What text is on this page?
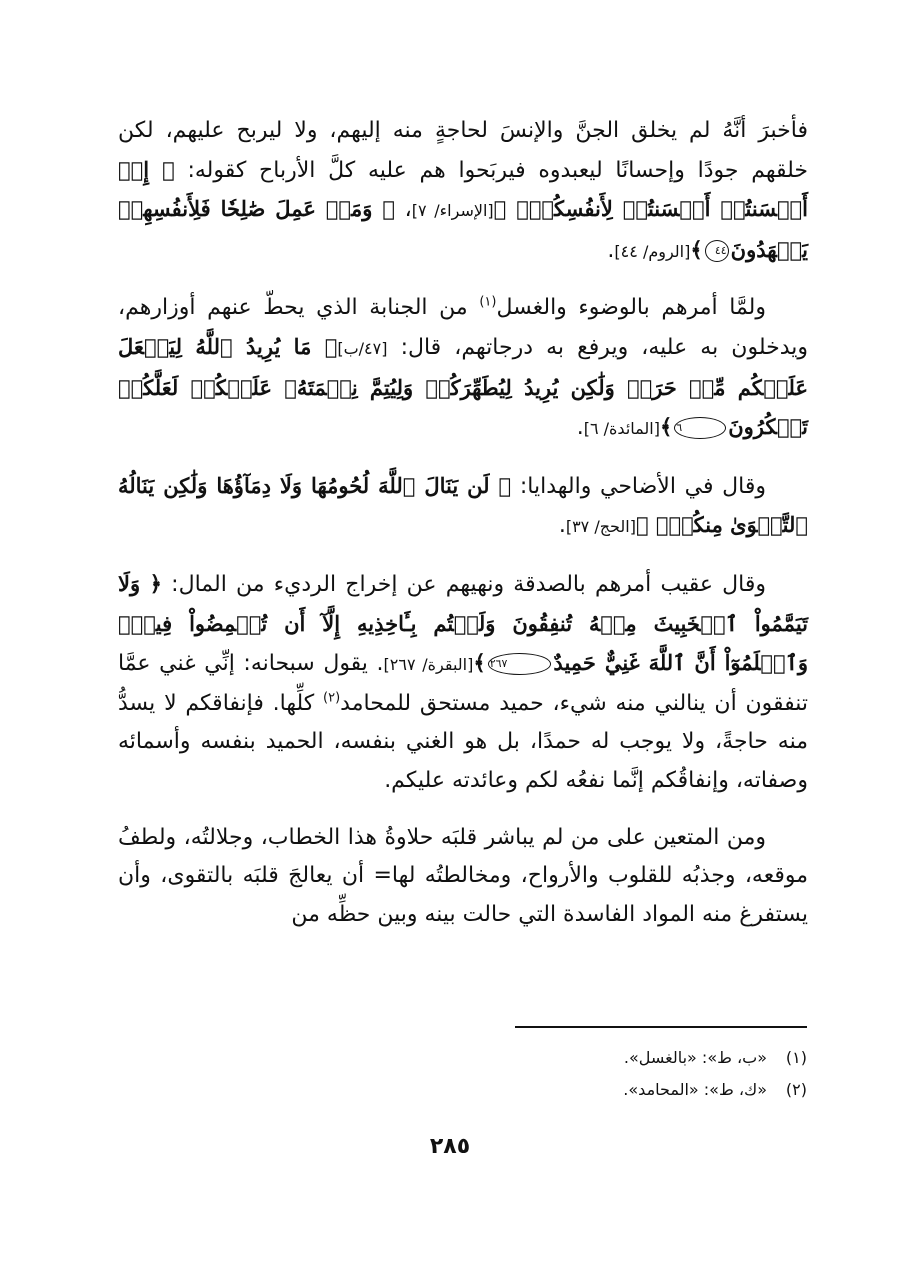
فأخبرَ أنَّهُ لم يخلق الجنَّ والإنسَ لحاجةٍ منه إليهم، ولا ليربح عليهم، لكن خلقهم جودًا وإحسانًا ليعبدوه فيربَحوا هم عليه كلَّ الأرباح كقوله: ﴿ إِنۡ أَحۡسَنتُمۡ أَحۡسَنتُمۡ لِأَنفُسِكُمۡۖ ﴾[الإسراء/ ٧]، ﴿ وَمَنۡ عَمِلَ صَٰلِحٗا فَلِأَنفُسِهِمۡ يَمۡهَدُونَ٤٤﴾[الروم/ ٤٤].

ولمَّا أمرهم بالوضوء والغسل$^{(١)}$ من الجنابة الذي يحطّ عنهم أوزارهم، ويدخلون به عليه، ويرفع به درجاتهم، قال: [٤٧/ب]﴿ مَا يُرِيدُ ٱللَّهُ لِيَجۡعَلَ عَلَيۡكُم مِّنۡ حَرَجٖ وَلَٰكِن يُرِيدُ لِيُطَهِّرَكُمۡ وَلِيُتِمَّ نِعۡمَتَهُۥ عَلَيۡكُمۡ لَعَلَّكُمۡ تَشۡكُرُونَ٦﴾[المائدة/ ٦].

وقال في الأضاحي والهدايا: ﴿ لَن يَنَالَ ٱللَّهَ لُحُومُهَا وَلَا دِمَآؤُهَا وَلَٰكِن يَنَالُهُ ٱلتَّقۡوَىٰ مِنكُمۡۚ ﴾[الحج/ ٣٧].

وقال عقيب أمرهم بالصدقة ونهيهم عن إخراج الرديء من المال: ﴿ وَلَا تَيَمَّمُواْ ٱلۡخَبِيثَ مِنۡهُ تُنفِقُونَ وَلَسۡتُم بِـَٔاخِذِيهِ إِلَّآ أَن تُغۡمِضُواْ فِيهِۚ وَٱعۡلَمُوٓاْ أَنَّ ٱللَّهَ غَنِيٌّ حَمِيدٌ٢٦٧﴾[البقرة/ ٢٦٧]. يقول سبحانه: إنِّي غني عمَّا تنفقون أن ينالني منه شيء، حميد مستحق للمحامد$^{(٢)}$ كلِّها. فإنفاقكم لا يسدُّ منه حاجةً، ولا يوجب له حمدًا، بل هو الغني بنفسه، الحميد بنفسه وأسمائه وصفاته، وإنفاقُكم إنَّما نفعُه لكم وعائدته عليكم.

ومن المتعين على من لم يباشر قلبَه حلاوةُ هذا الخطاب، وجلالتُه، ولطفُ موقعه، وجذبُه للقلوب والأرواح، ومخالطتُه لها= أن يعالجَ قلبَه بالتقوى، وأن يستفرغ منه المواد الفاسدة التي حالت بينه وبين حظِّه من

(١)«ب، ط»: «بالغسل».
(٢)«ك، ط»: «المحامد».
٢٨٥
